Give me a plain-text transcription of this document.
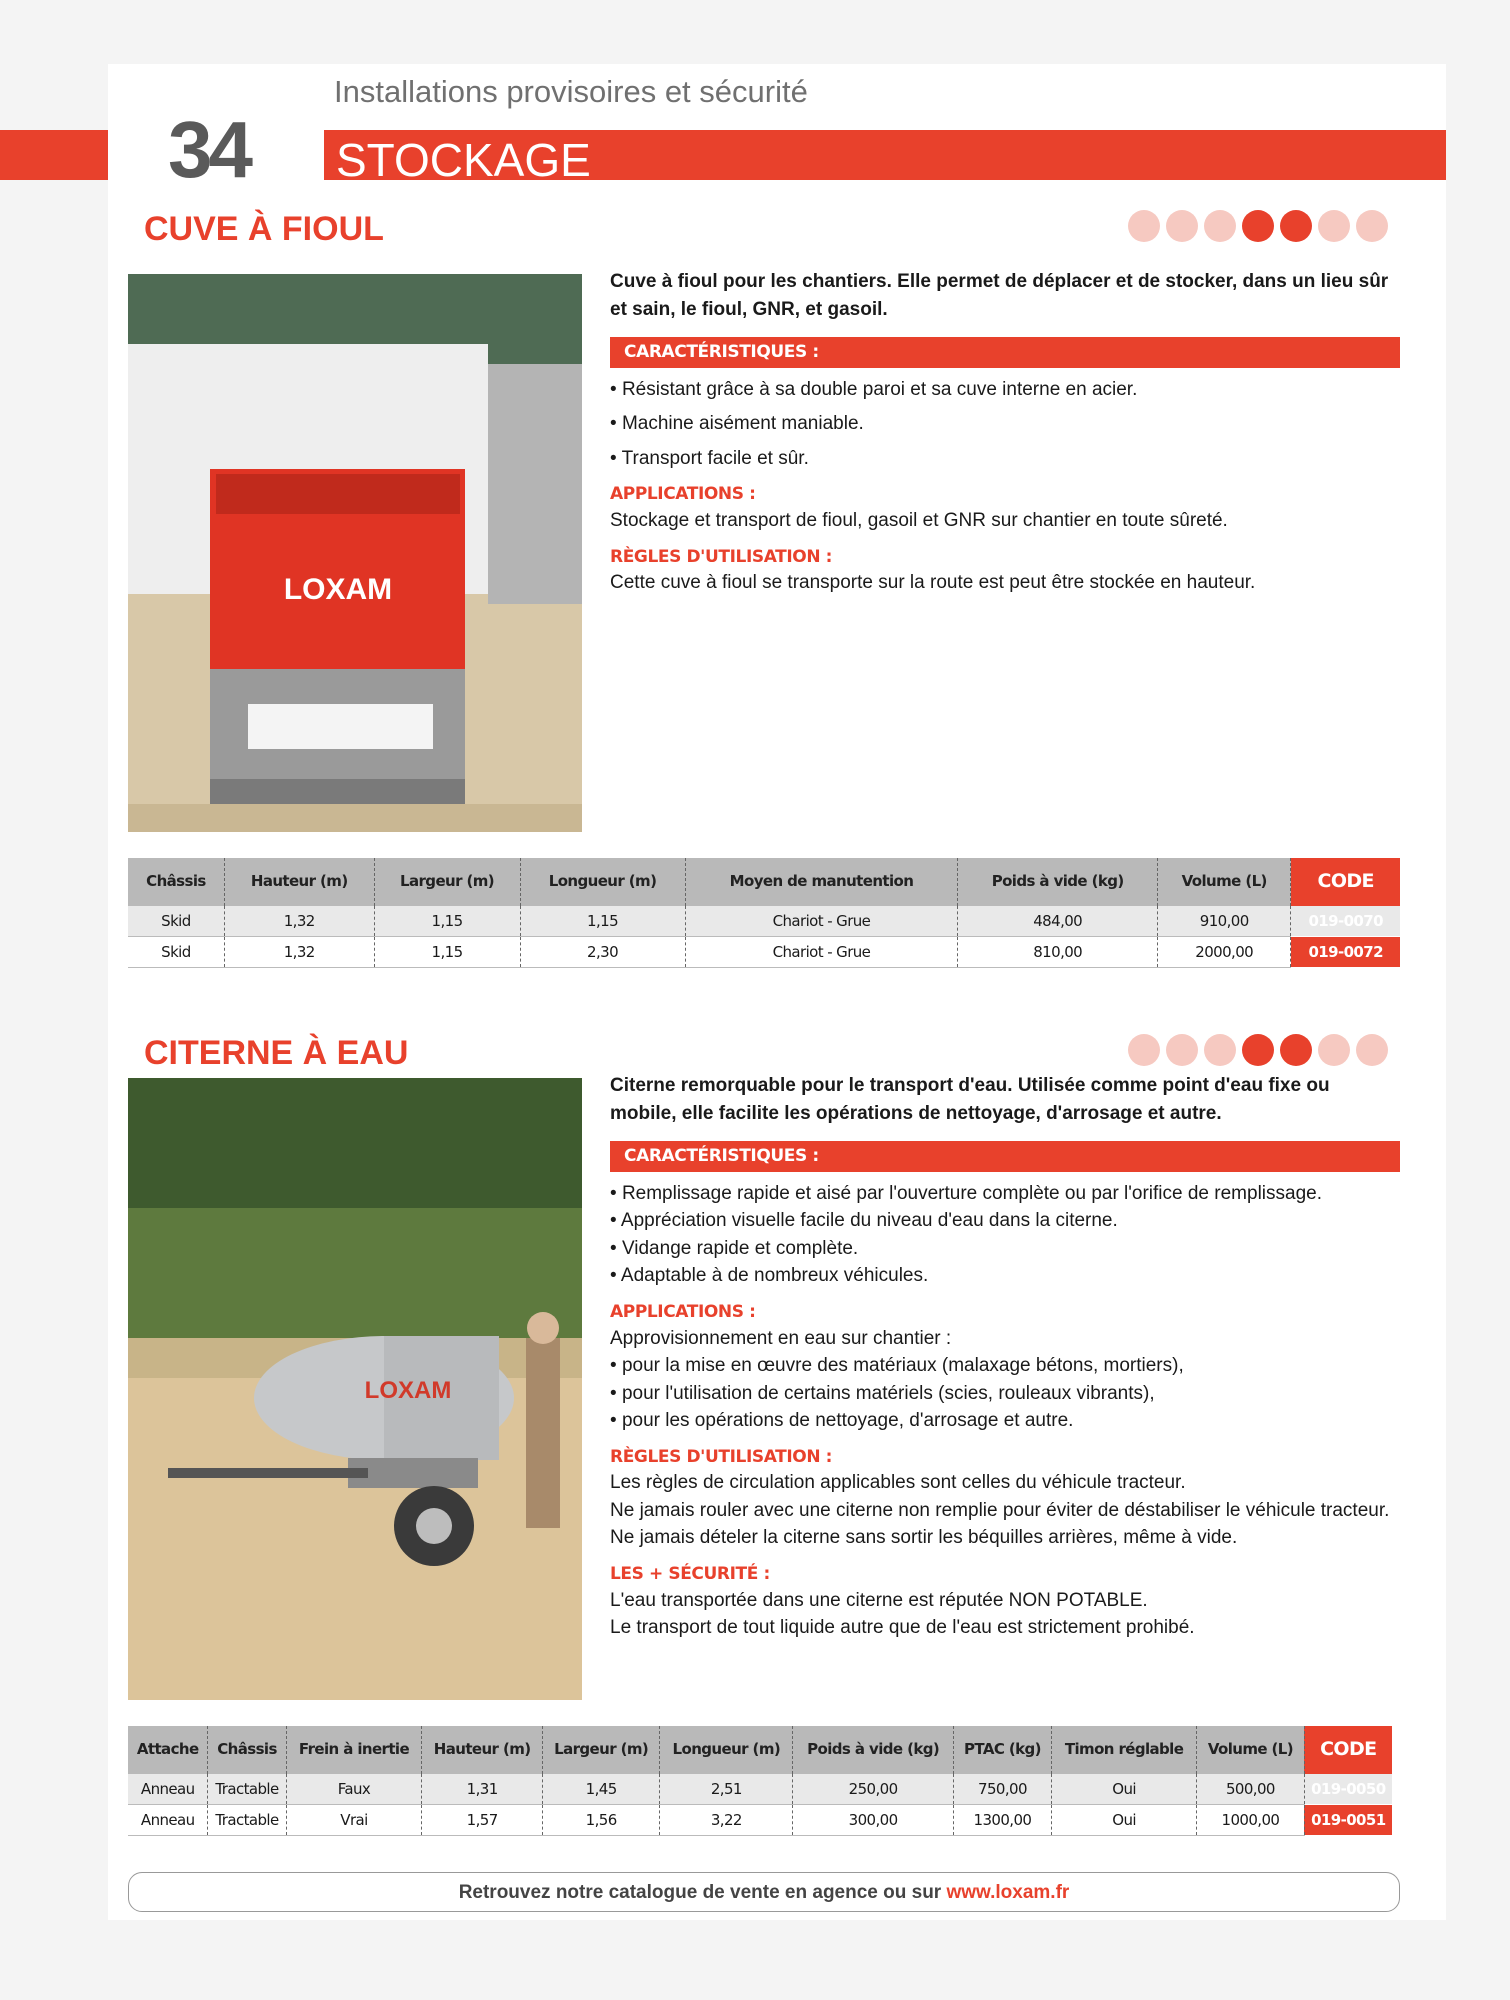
34
Installations provisoires et sécurité
STOCKAGE
CUVE À FIOUL
LOXAM

Cuve à fioul pour les chantiers. Elle permet de déplacer et de stocker, dans un lieu sûr et sain, le fioul, GNR, et gasoil.

CARACTÉRISTIQUES :
• Résistant grâce à sa double paroi et sa cuve interne en acier.
• Machine aisément maniable.
• Transport facile et sûr.
APPLICATIONS :
Stockage et transport de fioul, gasoil et GNR sur chantier en toute sûreté.
RÈGLES D'UTILISATION :
Cette cuve à fioul se transporte sur la route est peut être stockée en hauteur.
Châssis	Hauteur (m)	Largeur (m)	Longueur (m)	Moyen de manutention	Poids à vide (kg)	Volume (L)	CODE
Skid	1,32	1,15	1,15	Chariot - Grue	484,00	910,00	019-0070
Skid	1,32	1,15	2,30	Chariot - Grue	810,00	2000,00	019-0072
CITERNE À EAU
LOXAM

Citerne remorquable pour le transport d'eau. Utilisée comme point d'eau fixe ou mobile, elle facilite les opérations de nettoyage, d'arrosage et autre.

CARACTÉRISTIQUES :
• Remplissage rapide et aisé par l'ouverture complète ou par l'orifice de remplissage.
• Appréciation visuelle facile du niveau d'eau dans la citerne.
• Vidange rapide et complète.
• Adaptable à de nombreux véhicules.
APPLICATIONS :
Approvisionnement en eau sur chantier :
• pour la mise en œuvre des matériaux (malaxage bétons, mortiers),
• pour l'utilisation de certains matériels (scies, rouleaux vibrants),
• pour les opérations de nettoyage, d'arrosage et autre.
RÈGLES D'UTILISATION :
Les règles de circulation applicables sont celles du véhicule tracteur.
Ne jamais rouler avec une citerne non remplie pour éviter de déstabiliser le véhicule tracteur.
Ne jamais dételer la citerne sans sortir les béquilles arrières, même à vide.
LES + SÉCURITÉ :
L'eau transportée dans une citerne est réputée NON POTABLE.
Le transport de tout liquide autre que de l'eau est strictement prohibé.
Attache	Châssis	Frein à inertie	Hauteur (m)	Largeur (m)	Longueur (m)	Poids à vide (kg)	PTAC (kg)	Timon réglable	Volume (L)	CODE
Anneau	Tractable	Faux	1,31	1,45	2,51	250,00	750,00	Oui	500,00	019-0050
Anneau	Tractable	Vrai	1,57	1,56	3,22	300,00	1300,00	Oui	1000,00	019-0051
Retrouvez notre catalogue de vente en agence ou sur www.loxam.fr
